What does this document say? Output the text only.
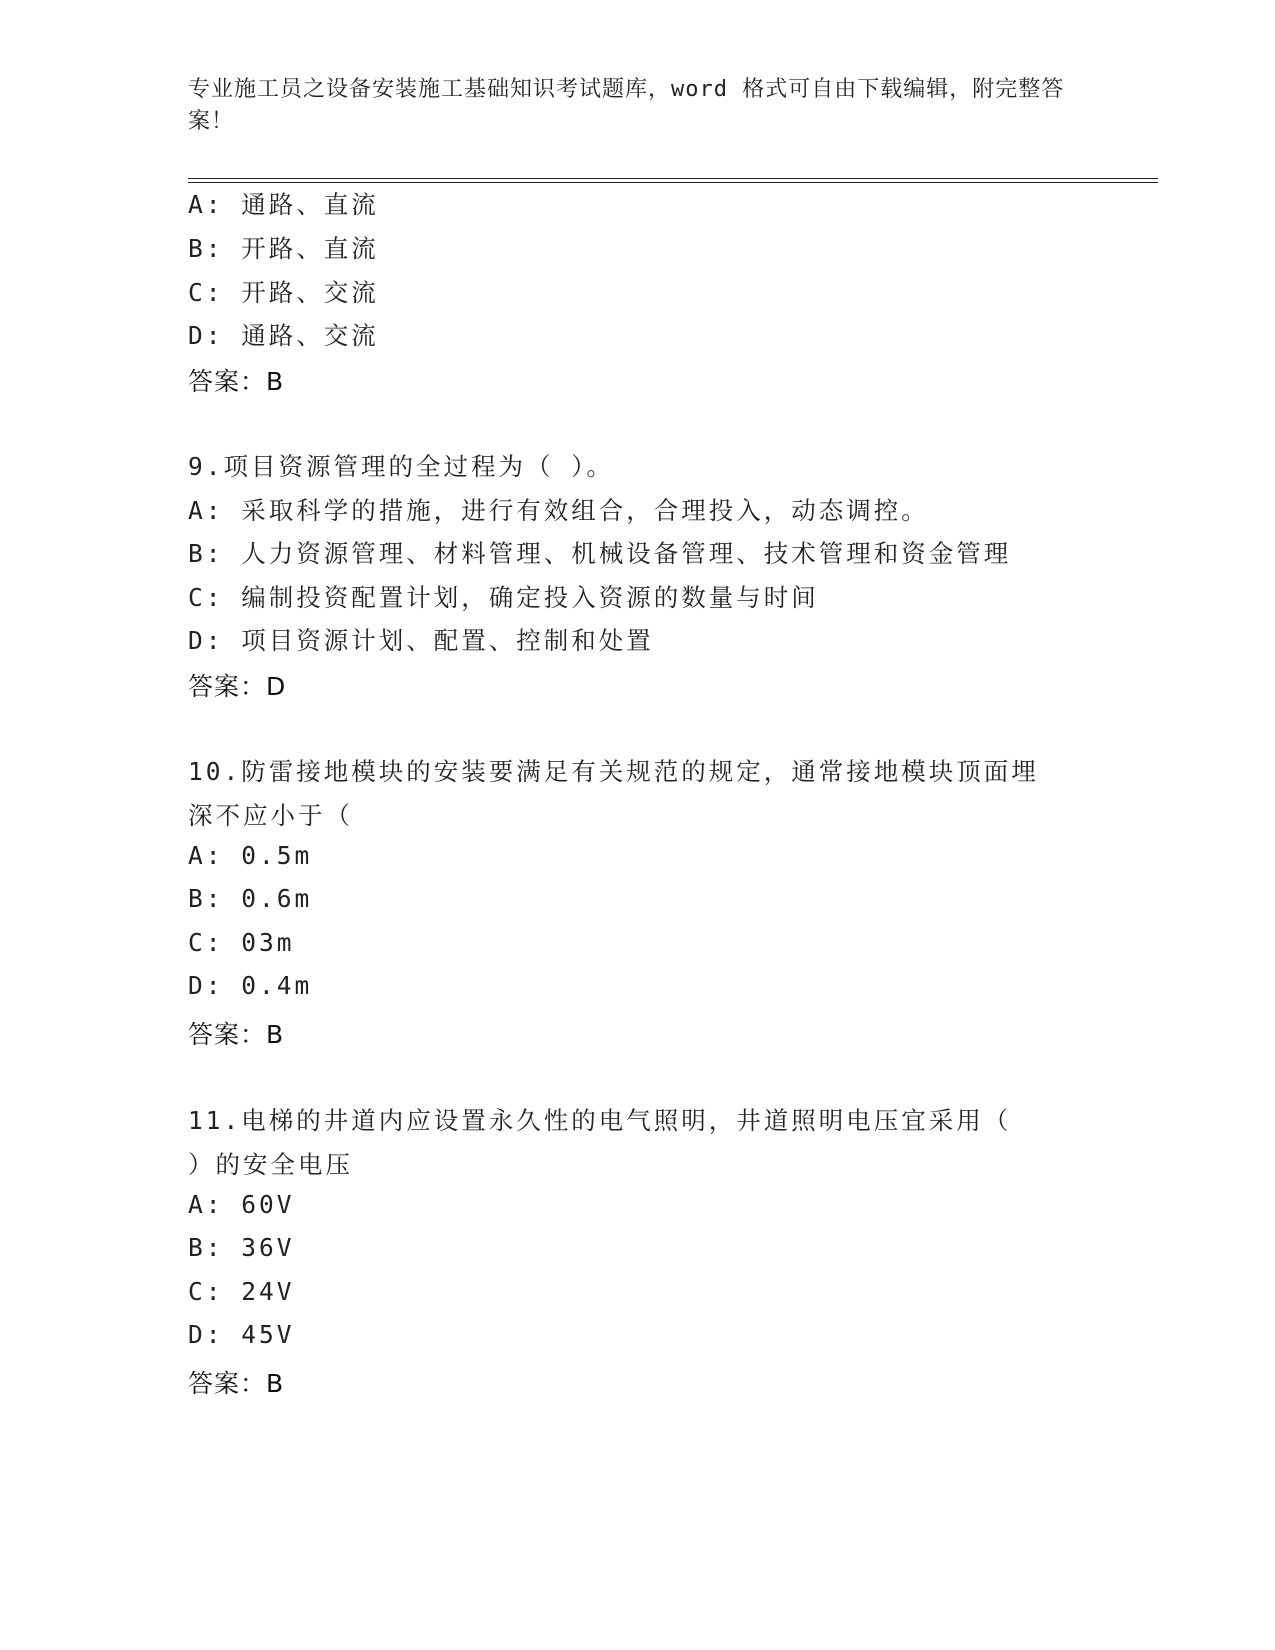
专业施工员之设备安装施工基础知识考试题库，word 格式可自由下载编辑，附完整答案！
A: 通路、直流
B: 开路、直流
C: 开路、交流
D: 通路、交流
答案：B
9.项目资源管理的全过程为（ ）。
A: 采取科学的措施，进行有效组合，合理投入，动态调控。
B: 人力资源管理、材料管理、机械设备管理、技术管理和资金管理
C: 编制投资配置计划，确定投入资源的数量与时间
D: 项目资源计划、配置、控制和处置
答案：D
10.防雷接地模块的安装要满足有关规范的规定，通常接地模块顶面埋
深不应小于（
A: 0.5m
B: 0.6m
C: 03m
D: 0.4m
答案：B
11.电梯的井道内应设置永久性的电气照明，井道照明电压宜采用（
）的安全电压
A: 60V
B: 36V
C: 24V
D: 45V
答案：B
